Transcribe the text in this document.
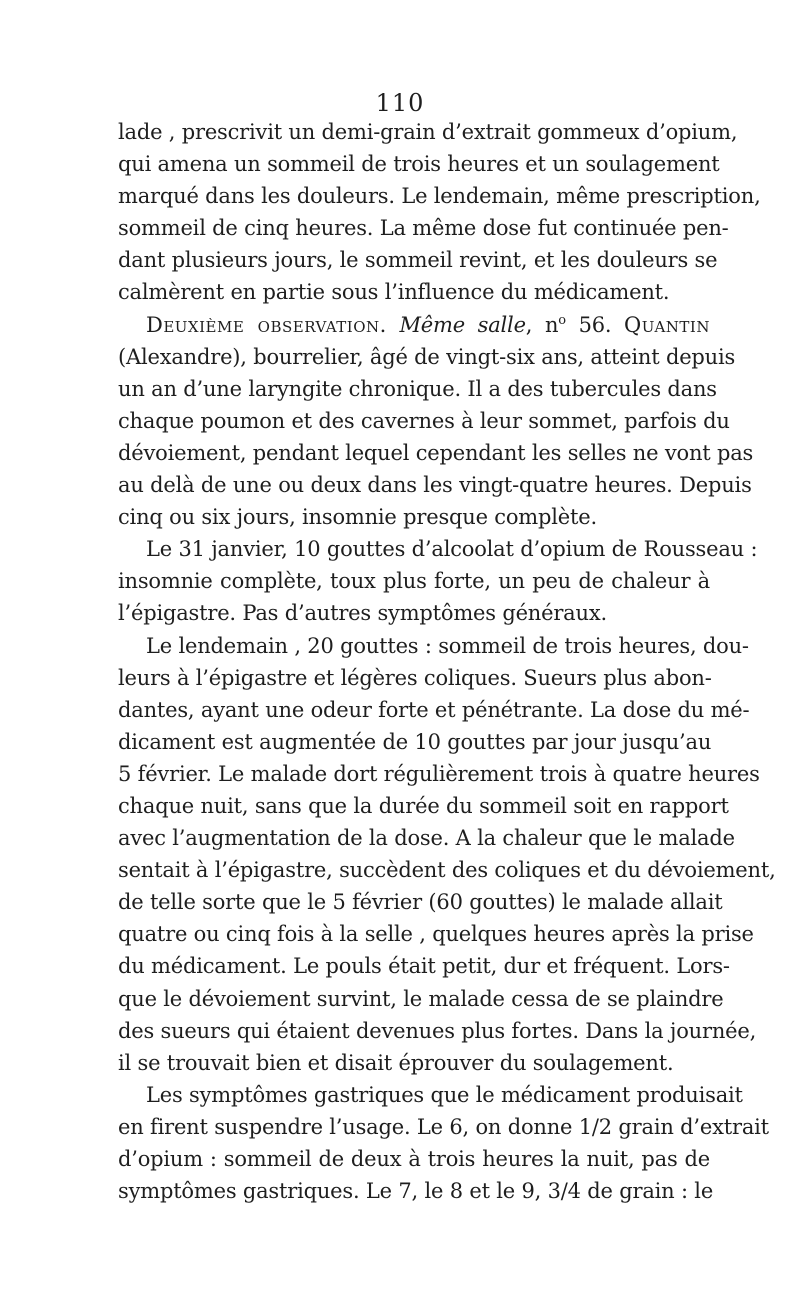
110
lade , prescrivit un demi-grain d’extrait gommeux d’opium,
qui amena un sommeil de trois heures et un soulagement
marqué dans les douleurs. Le lendemain, même prescription,
sommeil de cinq heures. La même dose fut continuée pen-
dant plusieurs jours, le sommeil revint, et les douleurs se
calmèrent en partie sous l’influence du médicament.
Deuxième observation. Même salle, $n^o$ 56. Quantin
(Alexandre), bourrelier, âgé de vingt-six ans, atteint depuis
un an d’une laryngite chronique. Il a des tubercules dans
chaque poumon et des cavernes à leur sommet, parfois du
dévoiement, pendant lequel cependant les selles ne vont pas
au delà de une ou deux dans les vingt-quatre heures. Depuis
cinq ou six jours, insomnie presque complète.
Le 31 janvier, 10 gouttes d’alcoolat d’opium de Rousseau :
insomnie complète, toux plus forte, un peu de chaleur à
l’épigastre. Pas d’autres symptômes généraux.
Le lendemain , 20 gouttes : sommeil de trois heures, dou-
leurs à l’épigastre et légères coliques. Sueurs plus abon-
dantes, ayant une odeur forte et pénétrante. La dose du mé-
dicament est augmentée de 10 gouttes par jour jusqu’au
5 février. Le malade dort régulièrement trois à quatre heures
chaque nuit, sans que la durée du sommeil soit en rapport
avec l’augmentation de la dose. A la chaleur que le malade
sentait à l’épigastre, succèdent des coliques et du dévoiement,
de telle sorte que le 5 février (60 gouttes) le malade allait
quatre ou cinq fois à la selle , quelques heures après la prise
du médicament. Le pouls était petit, dur et fréquent. Lors-
que le dévoiement survint, le malade cessa de se plaindre
des sueurs qui étaient devenues plus fortes. Dans la journée,
il se trouvait bien et disait éprouver du soulagement.
Les symptômes gastriques que le médicament produisait
en firent suspendre l’usage. Le 6, on donne 1/2 grain d’extrait
d’opium : sommeil de deux à trois heures la nuit, pas de
symptômes gastriques. Le 7, le 8 et le 9, 3/4 de grain : le
